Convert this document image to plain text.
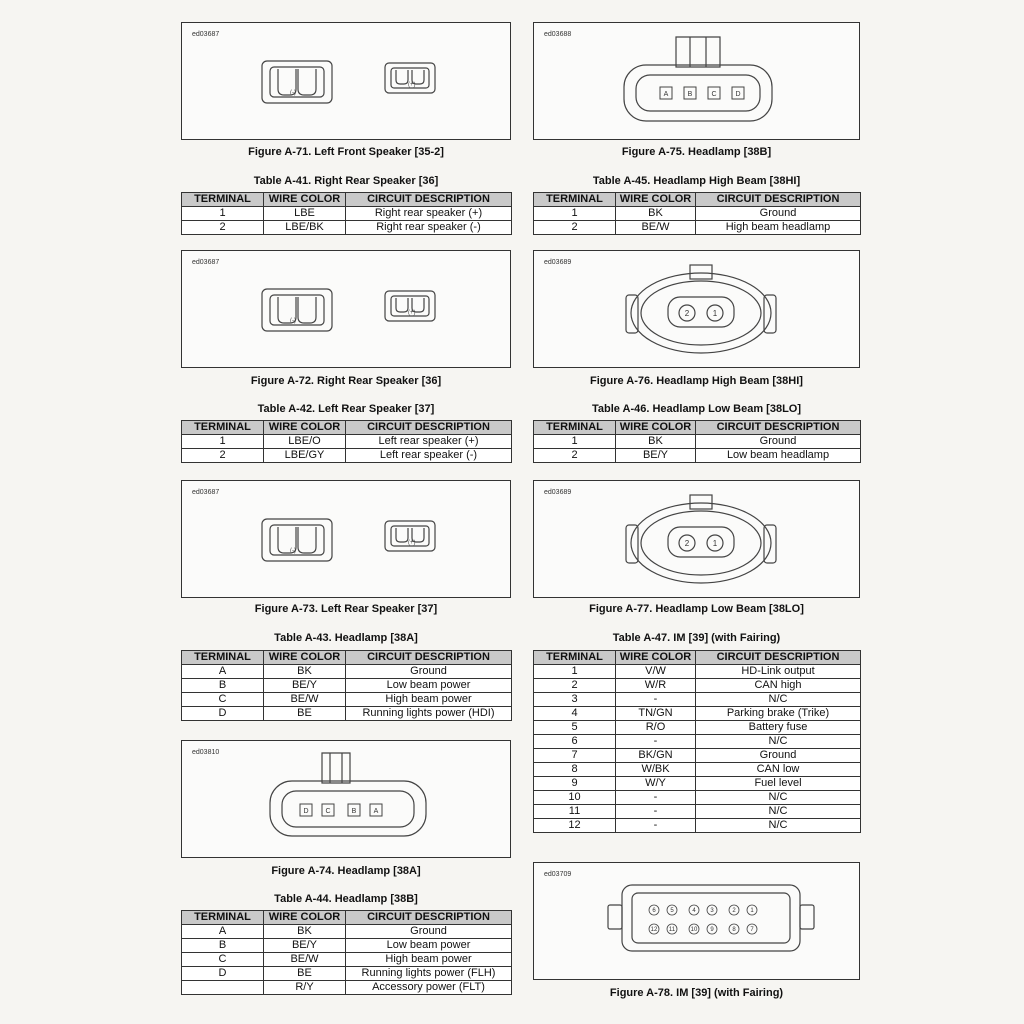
ed03687
(-)
(+)
Figure A-71. Left Front Speaker [35-2]
Table A-41. Right Rear Speaker [36]
TERMINAL	WIRE COLOR	CIRCUIT DESCRIPTION
1	LBE	Right rear speaker (+)
2	LBE/BK	Right rear speaker (-)
ed03687
(-)
(+)
Figure A-72. Right Rear Speaker [36]
Table A-42. Left Rear Speaker [37]
TERMINAL	WIRE COLOR	CIRCUIT DESCRIPTION
1	LBE/O	Left rear speaker (+)
2	LBE/GY	Left rear speaker (-)
ed03687
(-)
(+)
Figure A-73. Left Rear Speaker [37]
Table A-43. Headlamp [38A]
TERMINAL	WIRE COLOR	CIRCUIT DESCRIPTION
A	BK	Ground
B	BE/Y	Low beam power
C	BE/W	High beam power
D	BE	Running lights power (HDI)
ed03810
D C	B A
Figure A-74. Headlamp [38A]
Table A-44. Headlamp [38B]
TERMINAL	WIRE COLOR	CIRCUIT DESCRIPTION
A	BK	Ground
B	BE/Y	Low beam power
C	BE/W	High beam power
D	BE	Running lights power (FLH)
	R/Y	Accessory power (FLT)
ed03688
A	B	C	D
Figure A-75. Headlamp [38B]
Table A-45. Headlamp High Beam [38HI]
TERMINAL	WIRE COLOR	CIRCUIT DESCRIPTION
1	BK	Ground
2	BE/W	High beam headlamp
ed03689
2	1
Figure A-76. Headlamp High Beam [38HI]
Table A-46. Headlamp Low Beam [38LO]
TERMINAL	WIRE COLOR	CIRCUIT DESCRIPTION
1	BK	Ground
2	BE/Y	Low beam headlamp
ed03689
2	1
Figure A-77. Headlamp Low Beam [38LO]
Table A-47. IM [39] (with Fairing)
TERMINAL	WIRE COLOR	CIRCUIT DESCRIPTION
1	V/W	HD-Link output
2	W/R	CAN high
3	-	N/C
4	TN/GN	Parking brake (Trike)
5	R/O	Battery fuse
6	-	N/C
7	BK/GN	Ground
8	W/BK	CAN low
9	W/Y	Fuel level
10	-	N/C
11	-	N/C
12	-	N/C
ed03709
6 5	4 3	2 1
12 11	10 9	8 7
Figure A-78. IM [39] (with Fairing)
